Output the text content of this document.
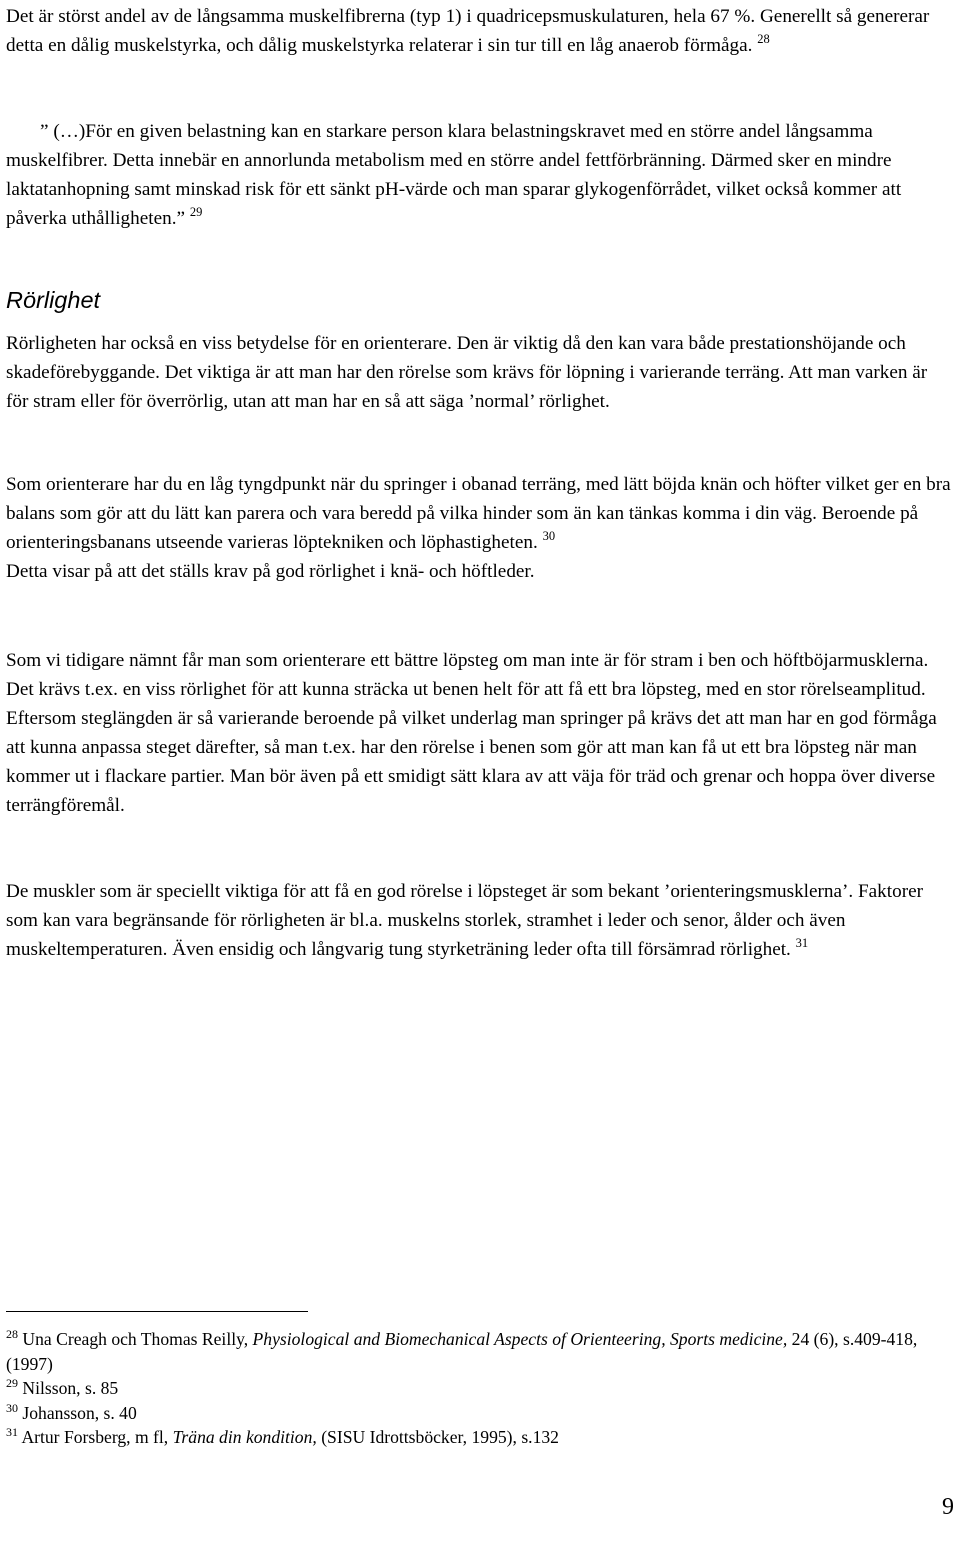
Det är störst andel av de långsamma muskelfibrerna (typ 1) i quadricepsmuskulaturen, hela 67 %. Generellt så genererar detta en dålig muskelstyrka, och dålig muskelstyrka relaterar i sin tur till en låg anaerob förmåga. $^{28}$

” (…)För en given belastning kan en starkare person klara belastningskravet med en större andel långsamma muskelfibrer. Detta innebär en annorlunda metabolism med en större andel fettförbränning. Därmed sker en mindre laktatanhopning samt minskad risk för ett sänkt pH-värde och man sparar glykogenförrådet, vilket också kommer att påverka uthålligheten.” $^{29}$

Rörlighet

Rörligheten har också en viss betydelse för en orienterare. Den är viktig då den kan vara både prestationshöjande och skadeförebyggande. Det viktiga är att man har den rörelse som krävs för löpning i varierande terräng. Att man varken är för stram eller för överrörlig, utan att man har en så att säga ’normal’ rörlighet.

Som orienterare har du en låg tyngdpunkt när du springer i obanad terräng, med lätt böjda knän och höfter vilket ger en bra balans som gör att du lätt kan parera och vara beredd på vilka hinder som än kan tänkas komma i din väg. Beroende på orienteringsbanans utseende varieras löptekniken och löphastigheten. $^{30}$
Detta visar på att det ställs krav på god rörlighet i knä- och höftleder.

Som vi tidigare nämnt får man som orienterare ett bättre löpsteg om man inte är för stram i ben och höftböjarmusklerna. Det krävs t.ex. en viss rörlighet för att kunna sträcka ut benen helt för att få ett bra löpsteg, med en stor rörelseamplitud. Eftersom steglängden är så varierande beroende på vilket underlag man springer på krävs det att man har en god förmåga att kunna anpassa steget därefter, så man t.ex. har den rörelse i benen som gör att man kan få ut ett bra löpsteg när man kommer ut i flackare partier. Man bör även på ett smidigt sätt klara av att väja för träd och grenar och hoppa över diverse terrängföremål.

De muskler som är speciellt viktiga för att få en god rörelse i löpsteget är som bekant ’orienteringsmusklerna’. Faktorer som kan vara begränsande för rörligheten är bl.a. muskelns storlek, stramhet i leder och senor, ålder och även muskeltemperaturen. Även ensidig och långvarig tung styrketräning leder ofta till försämrad rörlighet. $^{31}$

$^{28}$ Una Creagh och Thomas Reilly, Physiological and Biomechanical Aspects of Orienteering, Sports medicine, 24 (6), s.409-418, (1997)

$^{29}$ Nilsson, s. 85

$^{30}$ Johansson, s. 40

$^{31}$ Artur Forsberg, m fl, Träna din kondition, (SISU Idrottsböcker, 1995), s.132

9
